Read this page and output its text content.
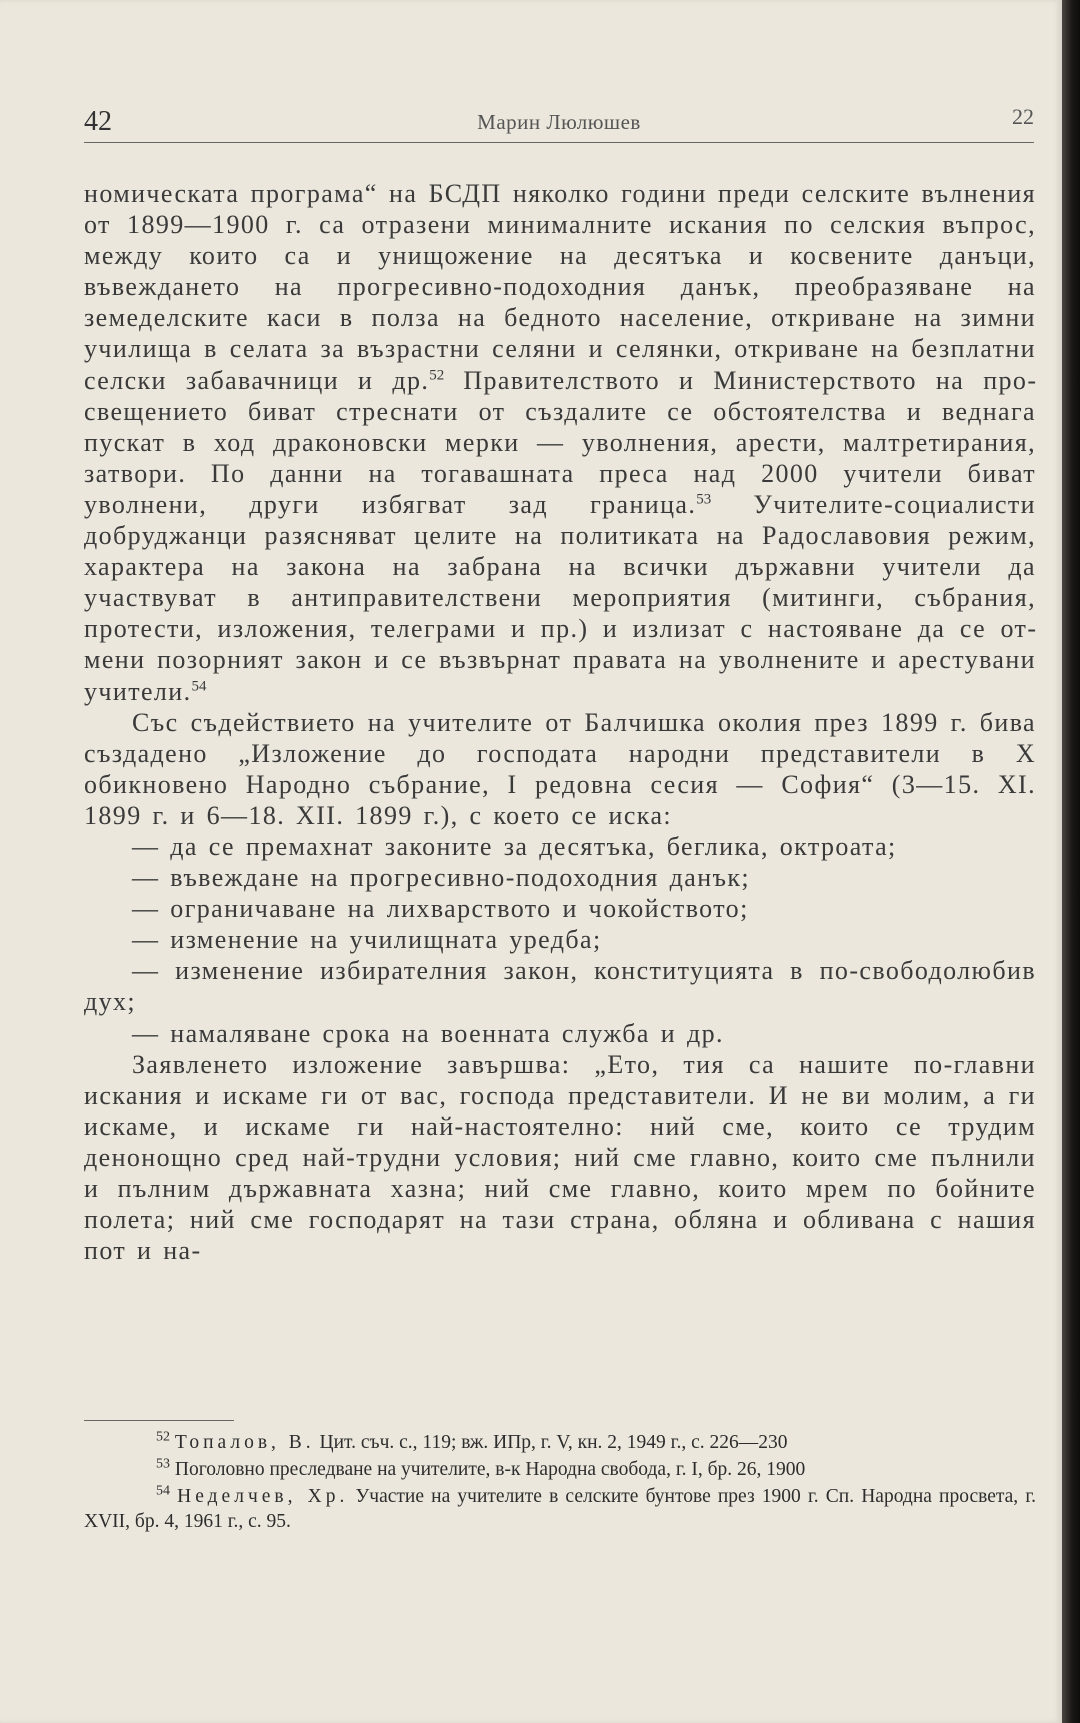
42	Марин Люлюшев	22

номическата програма“ на БСДП няколко години преди селските вълнения от 1899—1900 г. са отразени минималните искания по селския въпрос, между които са и унищожение на десятъка и косвените данъци, въвеждането на прогресивно-подоходния данък, преобразяване на земеделските каси в полза на бедното население, откриване на зимни училища в селата за възрастни селяни и селянки, откриване на безплатни селски забавачници и др.$^{52}$ Правителството и Министерството на просвещението биват стреснати от създалите се обстоятелства и веднага пускат в ход драконовски мерки — уволнения, арести, малтретирания, затвори. По данни на тогавашната преса над 2000 учители биват уволнени, други избягват зад граница.$^{53}$ Учителите-социалисти добруджанци разясняват целите на политиката на Радославовия режим, характера на закона на забрана на всички държавни учители да участвуват в антиправителствени мероприятия (митинги, събрания, протести, изложения, телеграми и пр.) и излизат с настояване да се отмени позорният закон и се възвърнат правата на уволнените и арестувани учители.$^{54}$

Със съдействието на учителите от Балчишка околия през 1899 г. бива създадено „Изложение до господата народни представители в X обикновено Народно събрание, I редовна сесия — София“ (3—15. XI. 1899 г. и 6—18. XII. 1899 г.), с което се иска:

— да се премахнат законите за десятъка, беглика, октроата;

— въвеждане на прогресивно-подоходния данък;

— ограничаване на лихварството и чокойството;

— изменение на училищната уредба;

— изменение избирателния закон, конституцията в по-свободолюбив дух;

— намаляване срока на военната служба и др.

Заявленето изложение завършва: „Ето, тия са нашите по-главни искания и искаме ги от вас, господа представители. И не ви молим, а ги искаме, и искаме ги най-настоятелно: ний сме, които се трудим денонощно сред най-трудни условия; ний сме главно, които сме пълнили и пълним държавната хазна; ний сме главно, които мрем по бойните полета; ний сме господарят на тази страна, обляна и обливана с нашия пот и на-

$^{52}$ Топалов, В. Цит. съч. с., 119; вж. ИПр, г. V, кн. 2, 1949 г., с. 226—230

$^{53}$ Поголовно преследване на учителите, в-к Народна свобода, г. I, бр. 26, 1900

$^{54}$ Неделчев, Хр. Участие на учителите в селските бунтове през 1900 г. Сп. Народна просвета, г. XVII, бр. 4, 1961 г., с. 95.
